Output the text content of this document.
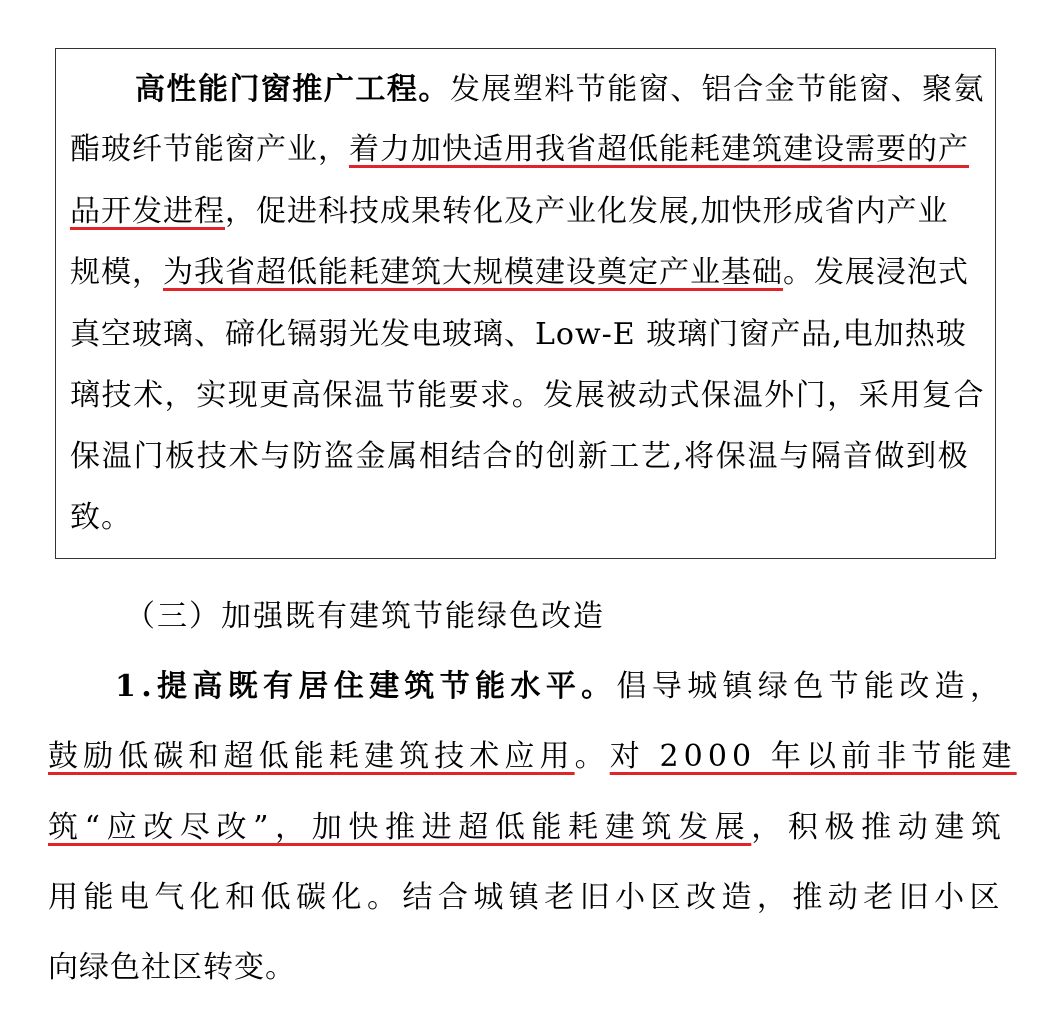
高性能门窗推广工程。发展塑料节能窗、铝合金节能窗、聚氨
酯玻纤节能窗产业，着力加快适用我省超低能耗建筑建设需要的产
品开发进程，促进科技成果转化及产业化发展,加快形成省内产业
规模，为我省超低能耗建筑大规模建设奠定产业基础。发展浸泡式
真空玻璃、碲化镉弱光发电玻璃、Low-E 玻璃门窗产品,电加热玻
璃技术，实现更高保温节能要求。发展被动式保温外门，采用复合
保温门板技术与防盗金属相结合的创新工艺,将保温与隔音做到极
致。
（三）加强既有建筑节能绿色改造
1.提高既有居住建筑节能水平。倡导城镇绿色节能改造，
鼓励低碳和超低能耗建筑技术应用。对 2000 年以前非节能建
筑“应改尽改”，加快推进超低能耗建筑发展，积极推动建筑
用能电气化和低碳化。结合城镇老旧小区改造，推动老旧小区
向绿色社区转变。
